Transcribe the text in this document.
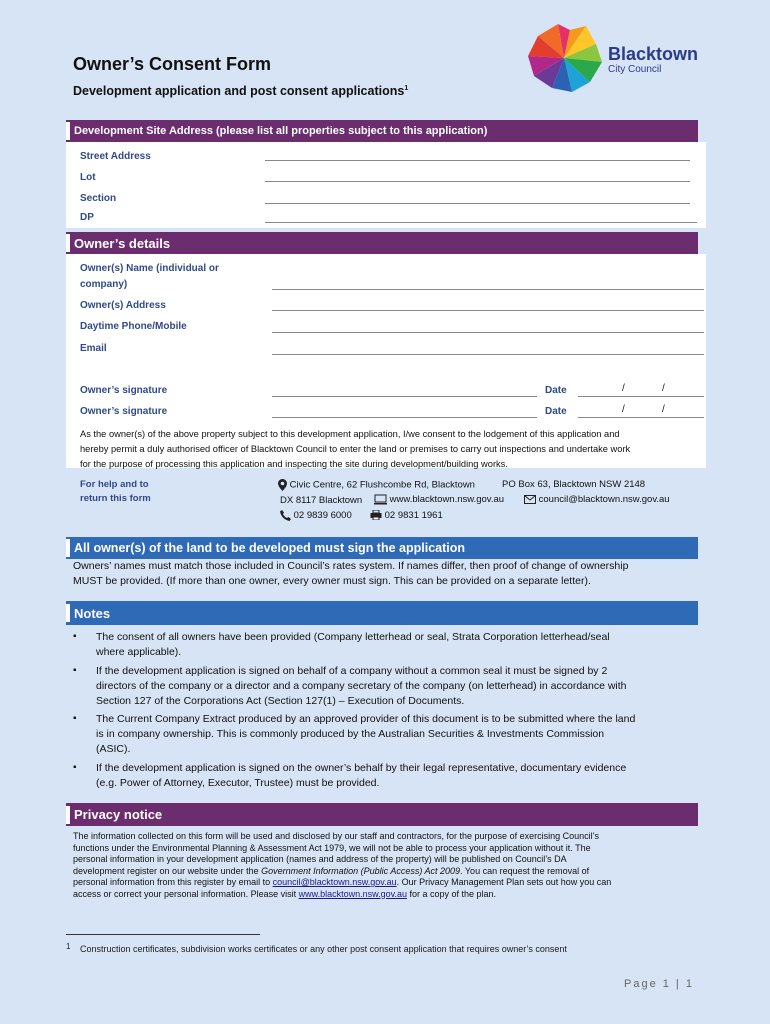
Owner’s Consent Form
Development application and post consent applications$^1$
Blacktown
City Council
Development Site Address (please list all properties subject to this application)
Street Address
Lot
Section
DP
Owner’s details
Owner(s) Name (individual or
company)
Owner(s) Address
Daytime Phone/Mobile
Email
Owner’s signature	Date	/	/
Owner’s signature	Date	/	/
As the owner(s) of the above property subject to this development application, I/we consent to the lodgement of this application and
hereby permit a duly authorised officer of Blacktown Council to enter the land or premises to carry out inspections and undertake work
for the purpose of processing this application and inspecting the site during development/building works.
For help and to
return this form
Civic Centre, 62 Flushcombe Rd, Blacktown	PO Box 63, Blacktown NSW 2148
DX 8117 Blacktown	www.blacktown.nsw.gov.au	council@blacktown.nsw.gov.au
02 9839 6000	02 9831 1961
All owner(s) of the land to be developed must sign the application
Owners’ names must match those included in Council’s rates system. If names differ, then proof of change of ownership
MUST be provided. (If more than one owner, every owner must sign. This can be provided on a separate letter).
Notes
▪ The consent of all owners have been provided (Company letterhead or seal, Strata Corporation letterhead/seal
where applicable).
▪ If the development application is signed on behalf of a company without a common seal it must be signed by 2
directors of the company or a director and a company secretary of the company (on letterhead) in accordance with
Section 127 of the Corporations Act (Section 127(1) – Execution of Documents.
▪ The Current Company Extract produced by an approved provider of this document is to be submitted where the land
is in company ownership. This is commonly produced by the Australian Securities & Investments Commission
(ASIC).
▪ If the development application is signed on the owner’s behalf by their legal representative, documentary evidence
(e.g. Power of Attorney, Executor, Trustee) must be provided.
Privacy notice
The information collected on this form will be used and disclosed by our staff and contractors, for the purpose of exercising Council’s
functions under the Environmental Planning & Assessment Act 1979, we will not be able to process your application without it. The
personal information in your development application (names and address of the property) will be published on Council’s DA
development register on our website under the Government Information (Public Access) Act 2009. You can request the removal of
personal information from this register by email to council@blacktown.nsw.gov.au. Our Privacy Management Plan sets out how you can
access or correct your personal information. Please visit www.blacktown.nsw.gov.au for a copy of the plan.
1 Construction certificates, subdivision works certificates or any other post consent application that requires owner’s consent
Page 1 | 1
